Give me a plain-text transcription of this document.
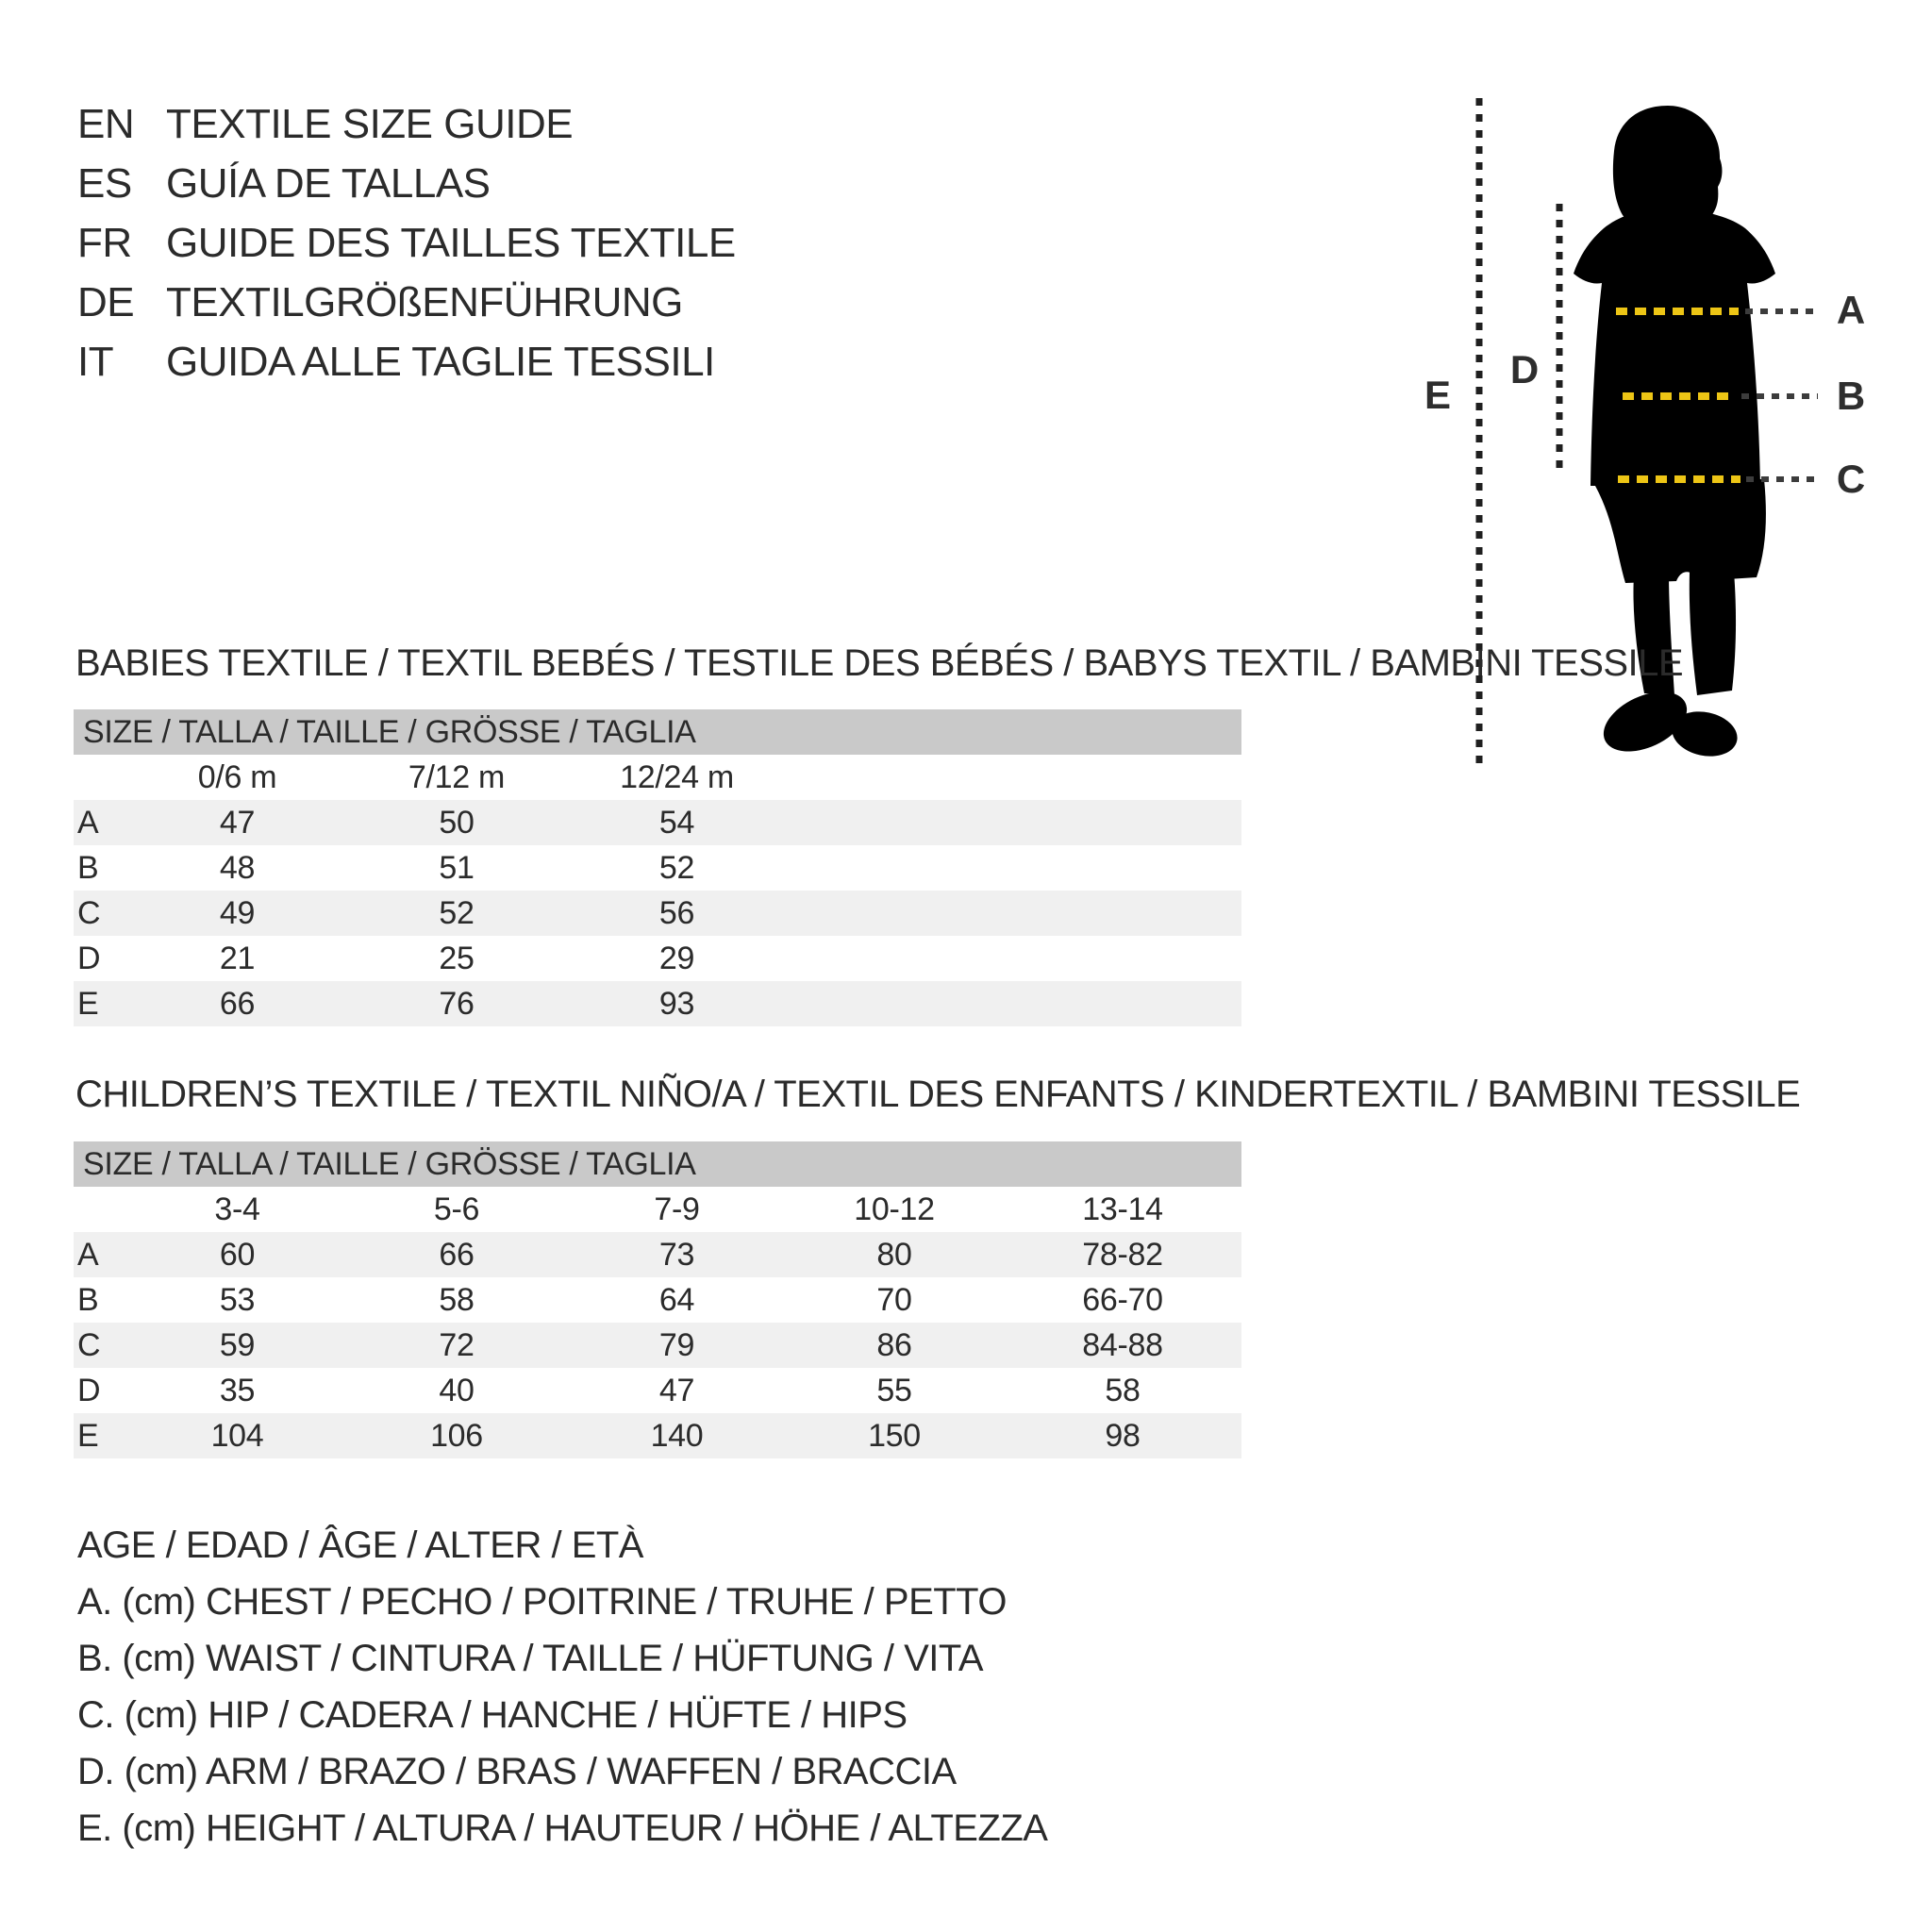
EN TEXTILE SIZE GUIDE
ES GUÍA DE TALLAS
FR GUIDE DES TAILLES TEXTILE
DE TEXTILGRÖßENFÜHRUNG
IT	GUIDA ALLE TAGLIE TESSILI
A
B
C
D
E
BABIES TEXTILE / TEXTIL BEBÉS / TESTILE DES BÉBÉS / BABYS TEXTIL / BAMBINI TESSILE
SIZE / TALLA / TAILLE / GRÖSSE / TAGLIA
	0/6 m	7/12 m	12/24 m	
A	47	50	54	
B	48	51	52	
C	49	52	56	
D	21	25	29	
E	66	76	93	
CHILDREN’S TEXTILE / TEXTIL NIÑO/A / TEXTIL DES ENFANTS / KINDERTEXTIL / BAMBINI TESSILE
SIZE / TALLA / TAILLE / GRÖSSE / TAGLIA
	3-4	5-6	7-9	10-12	13-14
A	60	66	73	80	78-82
B	53	58	64	70	66-70
C	59	72	79	86	84-88
D	35	40	47	55	58
E	104	106	140	150	98
AGE / EDAD / ÂGE / ALTER / ETÀ
A. (cm) CHEST / PECHO / POITRINE / TRUHE / PETTO
B. (cm) WAIST / CINTURA / TAILLE / HÜFTUNG / VITA
C. (cm) HIP / CADERA / HANCHE / HÜFTE / HIPS
D. (cm) ARM / BRAZO / BRAS / WAFFEN / BRACCIA
E. (cm) HEIGHT / ALTURA / HAUTEUR / HÖHE / ALTEZZA
